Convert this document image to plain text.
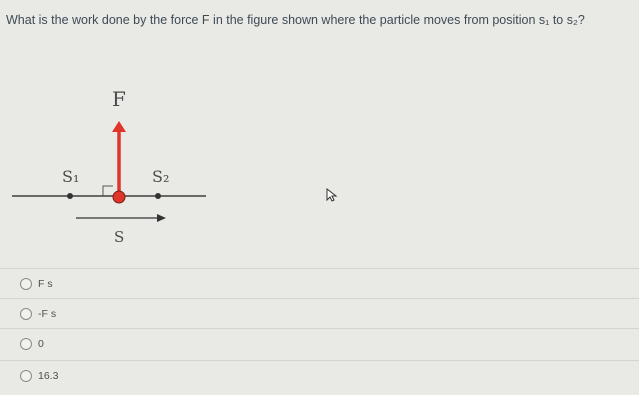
What is the work done by the force F in the figure shown where the particle moves from position s₁ to s₂?
S₁	S₂
F
S
F s
-F s
0
16.3
